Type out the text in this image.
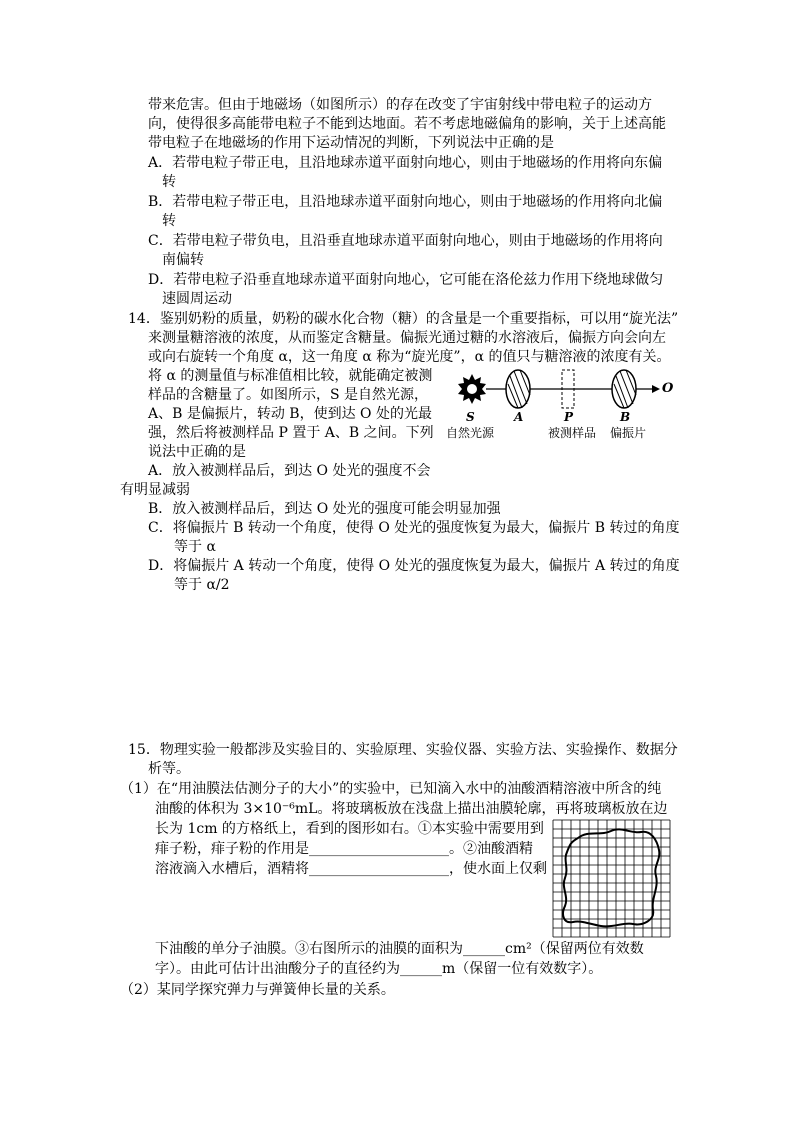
带来危害。但由于地磁场（如图所示）的存在改变了宇宙射线中带电粒子的运动方
向，使得很多高能带电粒子不能到达地面。若不考虑地磁偏角的影响，关于上述高能
带电粒子在地磁场的作用下运动情况的判断，下列说法中正确的是
A．若带电粒子带正电，且沿地球赤道平面射向地心，则由于地磁场的作用将向东偏
转
B．若带电粒子带正电，且沿地球赤道平面射向地心，则由于地磁场的作用将向北偏
转
C．若带电粒子带负电，且沿垂直地球赤道平面射向地心，则由于地磁场的作用将向
南偏转
D．若带电粒子沿垂直地球赤道平面射向地心，它可能在洛伦兹力作用下绕地球做匀
速圆周运动
14．鉴别奶粉的质量，奶粉的碳水化合物（糖）的含量是一个重要指标，可以用“旋光法”
来测量糖溶液的浓度，从而鉴定含糖量。偏振光通过糖的水溶液后，偏振方向会向左
或向右旋转一个角度 α，这一角度 α 称为“旋光度”，α 的值只与糖溶液的浓度有关。
将 α 的测量值与标准值相比较，就能确定被测
样品的含糖量了。如图所示，S 是自然光源，
A、B 是偏振片，转动 B，使到达 O 处的光最
强，然后将被测样品 P 置于 A、B 之间。下列
说法中正确的是
A．放入被测样品后，到达 O 处光的强度不会
有明显减弱
B．放入被测样品后，到达 O 处光的强度可能会明显加强
C．将偏振片 B 转动一个角度，使得 O 处光的强度恢复为最大，偏振片 B 转过的角度
等于 α
D．将偏振片 A 转动一个角度，使得 O 处光的强度恢复为最大，偏振片 A 转过的角度
等于 α/2
S	A	P	B
O
自然光源	被测样品 偏振片
15．物理实验一般都涉及实验目的、实验原理、实验仪器、实验方法、实验操作、数据分
析等。
（1）在“用油膜法估测分子的大小”的实验中，已知滴入水中的油酸酒精溶液中所含的纯
油酸的体积为 3×10⁻⁶mL。将玻璃板放在浅盘上描出油膜轮廓，再将玻璃板放在边
长为 1cm 的方格纸上，看到的图形如右。①本实验中需要用到
痱子粉，痱子粉的作用是____________________。②油酸酒精
溶液滴入水槽后，酒精将____________________，使水面上仅剩
下油酸的单分子油膜。③右图所示的油膜的面积为______cm²（保留两位有效数
字）。由此可估计出油酸分子的直径约为______m（保留一位有效数字）。
（2）某同学探究弹力与弹簧伸长量的关系。
